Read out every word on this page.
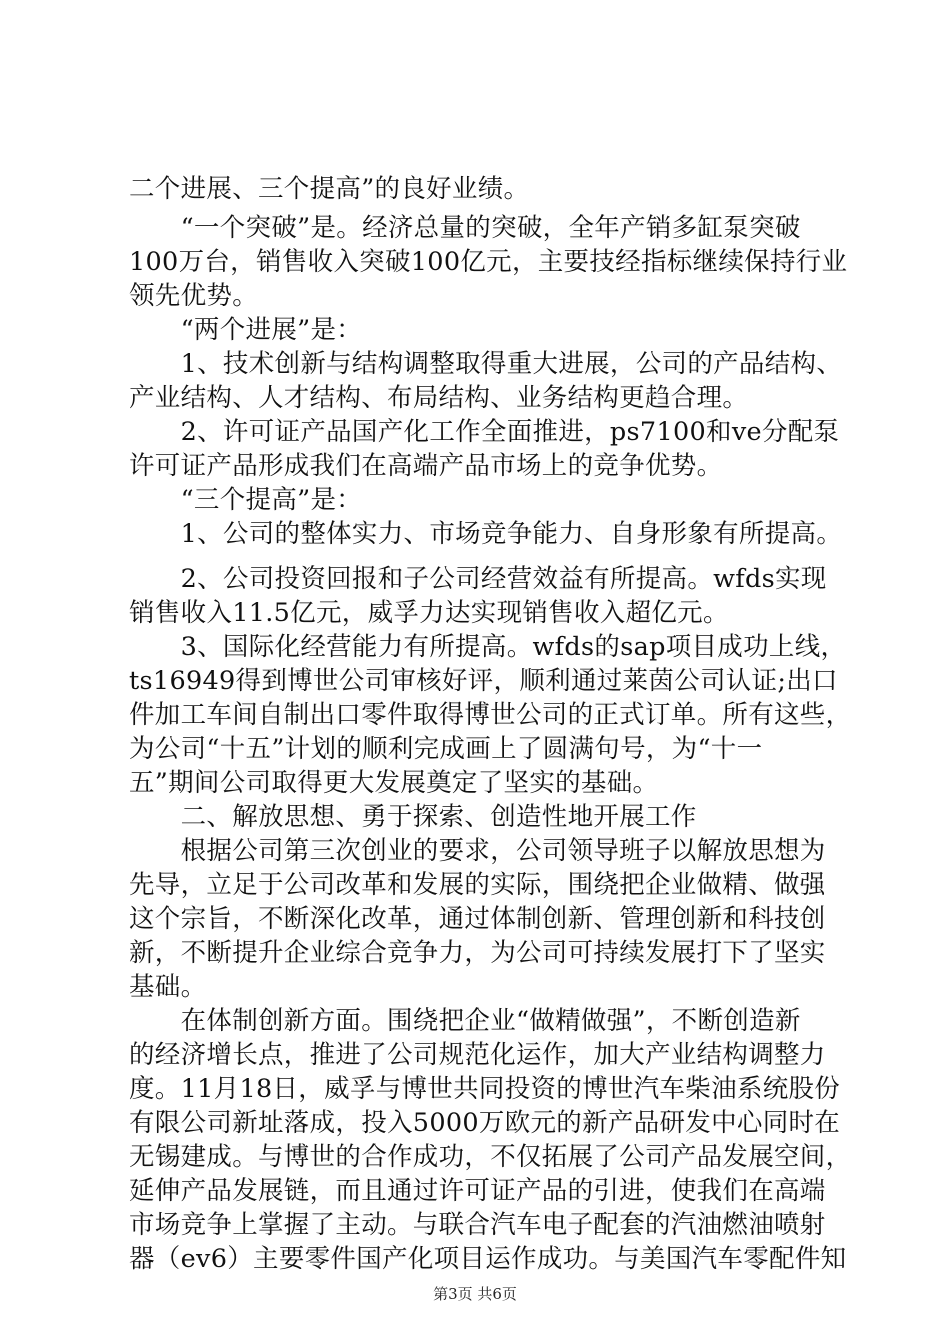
二个进展、三个提高”的良好业绩。
　　“一个突破”是。经济总量的突破，全年产销多缸泵突破
100万台，销售收入突破100亿元，主要技经指标继续保持行业
领先优势。
　　“两个进展”是：
　　1、技术创新与结构调整取得重大进展，公司的产品结构、
产业结构、人才结构、布局结构、业务结构更趋合理。
　　2、许可证产品国产化工作全面推进，ps7100和ve分配泵
许可证产品形成我们在高端产品市场上的竞争优势。
　　“三个提高”是：
　　1、公司的整体实力、市场竞争能力、自身形象有所提高。
　　2、公司投资回报和子公司经营效益有所提高。wfds实现
销售收入11.5亿元，威孚力达实现销售收入超亿元。
　　3、国际化经营能力有所提高。wfds的sap项目成功上线，
ts16949得到博世公司审核好评，顺利通过莱茵公司认证;出口
件加工车间自制出口零件取得博世公司的正式订单。所有这些，
为公司“十五”计划的顺利完成画上了圆满句号，为“十一
五”期间公司取得更大发展奠定了坚实的基础。
　　二、解放思想、勇于探索、创造性地开展工作
　　根据公司第三次创业的要求，公司领导班子以解放思想为
先导，立足于公司改革和发展的实际，围绕把企业做精、做强
这个宗旨，不断深化改革，通过体制创新、管理创新和科技创
新，不断提升企业综合竞争力，为公司可持续发展打下了坚实
基础。
　　在体制创新方面。围绕把企业“做精做强”，不断创造新
的经济增长点，推进了公司规范化运作，加大产业结构调整力
度。11月18日，威孚与博世共同投资的博世汽车柴油系统股份
有限公司新址落成，投入5000万欧元的新产品研发中心同时在
无锡建成。与博世的合作成功，不仅拓展了公司产品发展空间，
延伸产品发展链，而且通过许可证产品的引进，使我们在高端
市场竞争上掌握了主动。与联合汽车电子配套的汽油燃油喷射
器（ev6）主要零件国产化项目运作成功。与美国汽车零配件知
第3页 共6页
